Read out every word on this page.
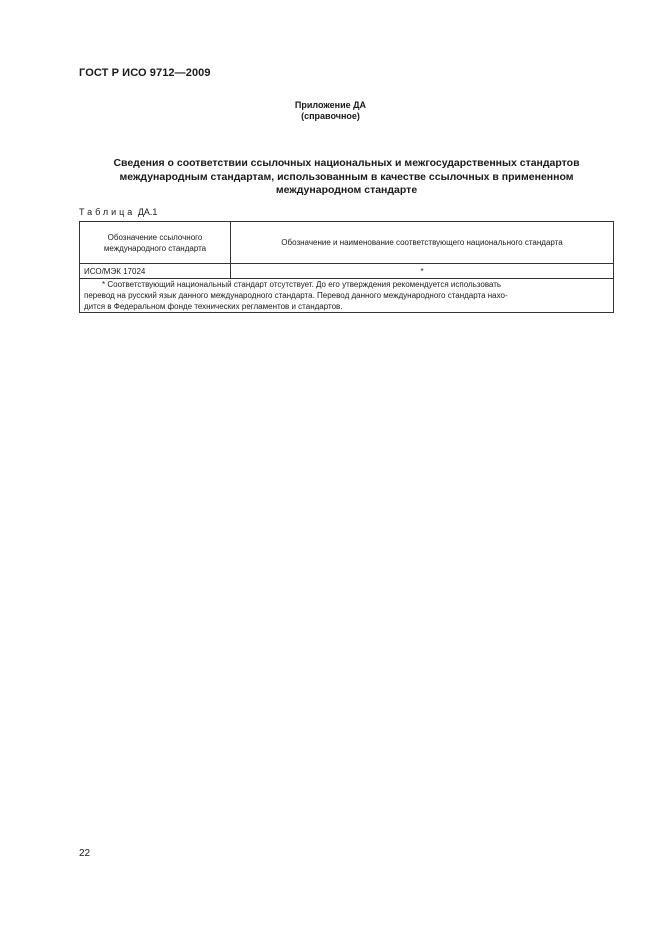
ГОСТ Р ИСО 9712—2009
Приложение ДА
(справочное)
Сведения о соответствии ссылочных национальных и межгосударственных стандартов
международным стандартам, использованным в качестве ссылочных в примененном
международном стандарте
Таблица ДА.1
Обозначение ссылочного
международного стандарта	Обозначение и наименование соответствующего национального стандарта
ИСО/МЭК 17024	*

* Соответствующий национальный стандарт отсутствует. До его утверждения рекомендуется использовать
перевод на русский язык данного международного стандарта. Перевод данного международного стандарта нахо-
дится в Федеральном фонде технических регламентов и стандартов.	
22
